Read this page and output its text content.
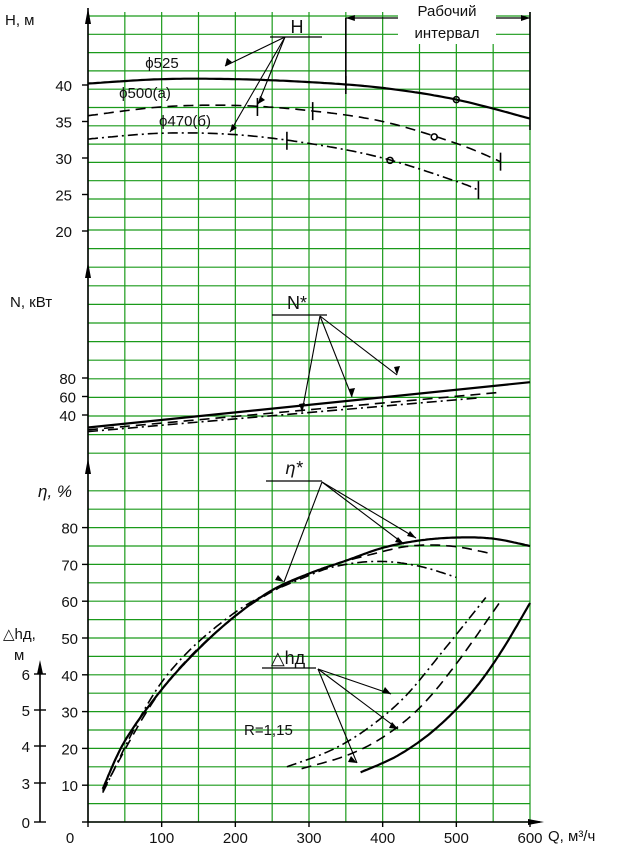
100	200	300	400	500	600
0	Q, м³/ч
H, м
20
25
30
35
40
ϕ525
ϕ500(а)
ϕ470(б)
H
Рабочий
интервал
N, кВт
40
60
80
N*
η, %
10
20
30
40
50
60
70
80
η*
△hд,
м
0
3
4
5
6
△hд
R=1,15
